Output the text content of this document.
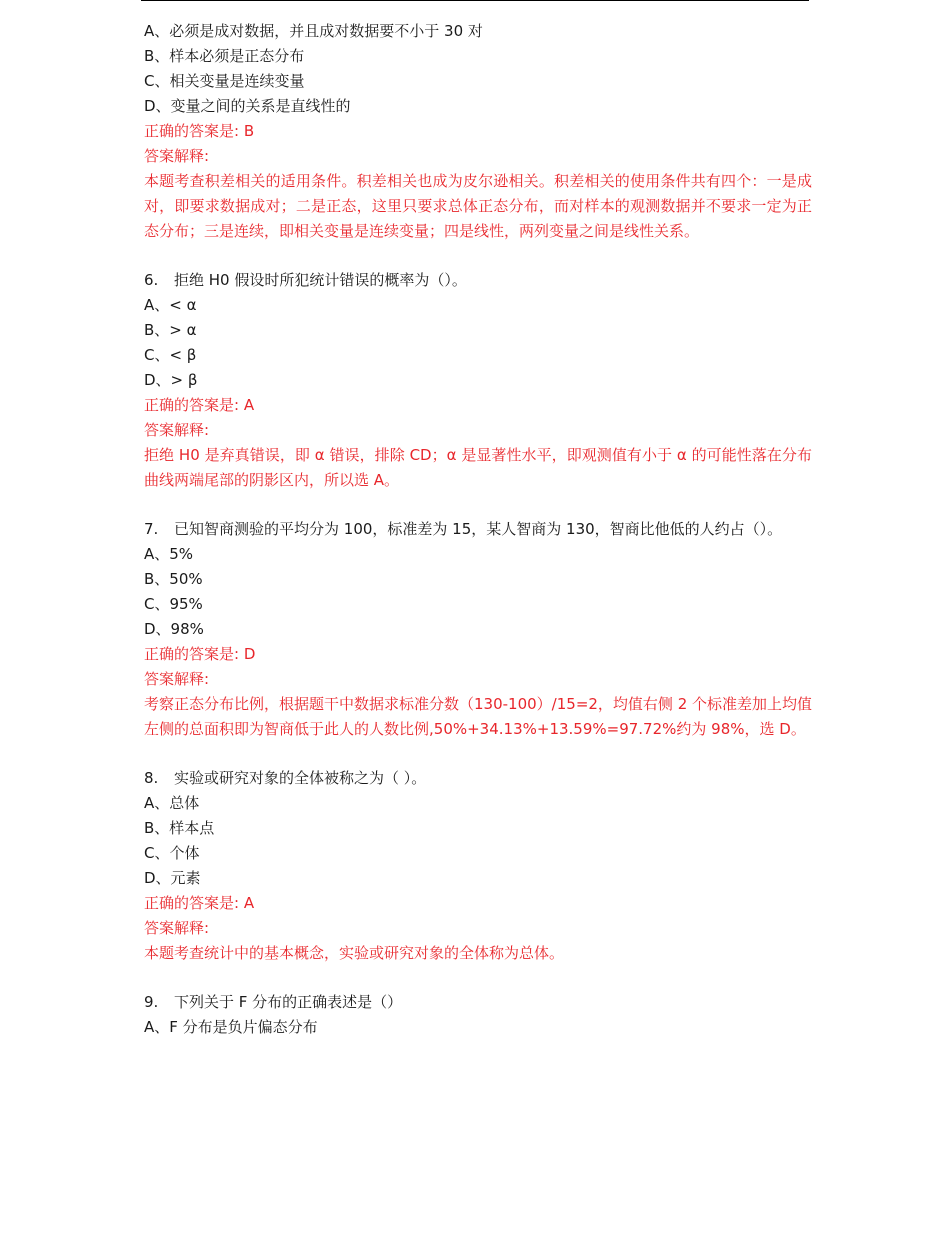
A、必须是成对数据，并且成对数据要不小于 30 对
B、样本必须是正态分布
C、相关变量是连续变量
D、变量之间的关系是直线性的
正确的答案是: B
答案解释:
本题考查积差相关的适用条件。积差相关也成为皮尔逊相关。积差相关的使用条件共有四个：一是成对，即要求数据成对；二是正态，这里只要求总体正态分布，而对样本的观测数据并不要求一定为正态分布；三是连续，即相关变量是连续变量；四是线性，两列变量之间是线性关系。
6. 拒绝 H0 假设时所犯统计错误的概率为（）。
A、< α
B、> α
C、< β
D、> β
正确的答案是: A
答案解释:
拒绝 H0 是弃真错误，即 α 错误，排除 CD；α 是显著性水平，即观测值有小于 α 的可能性落在分布曲线两端尾部的阴影区内，所以选 A。
7. 已知智商测验的平均分为 100，标准差为 15，某人智商为 130，智商比他低的人约占（）。
A、5%
B、50%
C、95%
D、98%
正确的答案是: D
答案解释:
考察正态分布比例，根据题干中数据求标准分数（130-100）/15=2，均值右侧 2 个标准差加上均值左侧的总面积即为智商低于此人的人数比例,50%+34.13%+13.59%=97.72%约为 98%，选 D。
8. 实验或研究对象的全体被称之为（ ）。
A、总体
B、样本点
C、个体
D、元素
正确的答案是: A
答案解释:
本题考查统计中的基本概念，实验或研究对象的全体称为总体。
9. 下列关于 F 分布的正确表述是（）
A、F 分布是负片偏态分布
